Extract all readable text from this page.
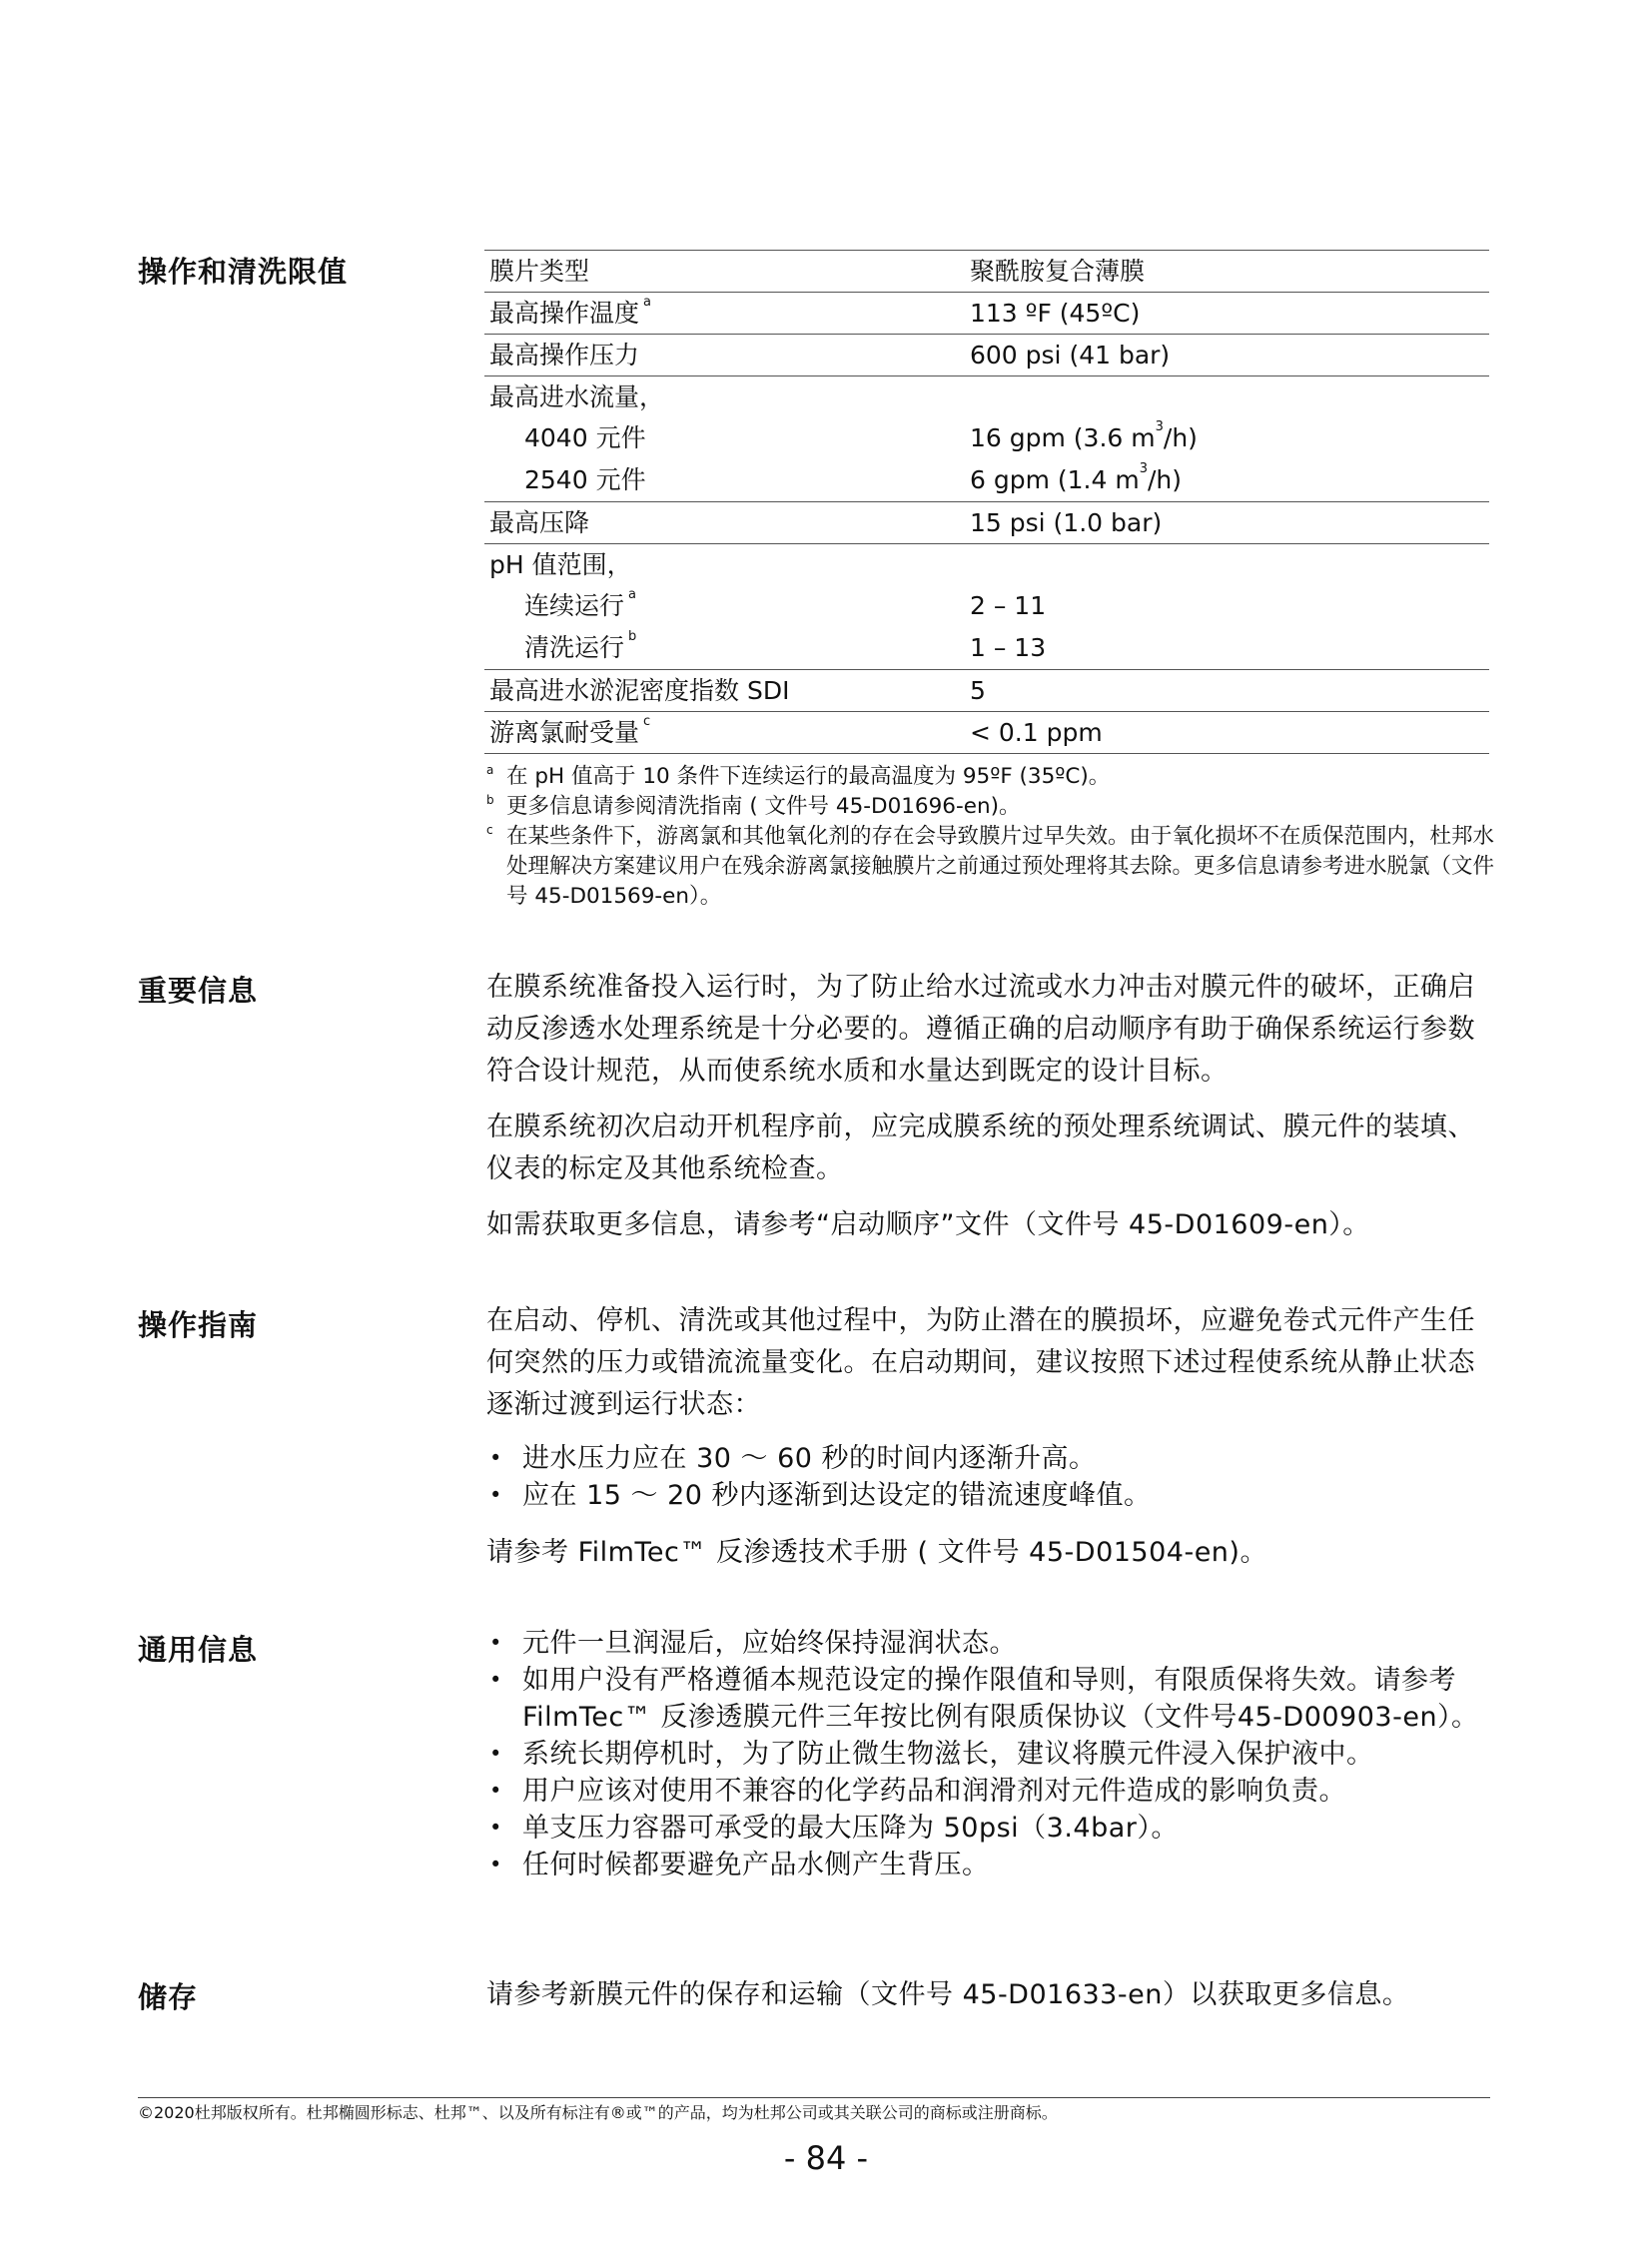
操作和清洗限值	膜片类型	聚酰胺复合薄膜
最高操作温度 $^a$	113 ºF (45ºC)
最高操作压力	600 psi (41 bar)
最高进水流量，	
4040 元件	16 gpm (3.6 $m^3/h$)
2540 元件	6 gpm (1.4 $m^3/h$)
最高压降	15 psi (1.0 bar)
pH 值范围，	
连续运行 $^a$	2 – 11
清洗运行 $^b$	1 – 13
最高进水淤泥密度指数 SDI	5
游离氯耐受量 $^c$	< 0.1 ppm
a 在 pH 值高于 10 条件下连续运行的最高温度为 95ºF (35ºC)。
b 更多信息请参阅清洗指南 ( 文件号 45-D01696-en)。
c 在某些条件下，游离氯和其他氧化剂的存在会导致膜片过早失效。由于氧化损坏不在质保范围内，杜邦水处理解决方案建议用户在残余游离氯接触膜片之前通过预处理将其去除。更多信息请参考进水脱氯（文件号 45-D01569-en）。
重要信息	在膜系统准备投入运行时，为了防止给水过流或水力冲击对膜元件的破坏，正确启动反渗透水处理系统是十分必要的。遵循正确的启动顺序有助于确保系统运行参数符合设计规范，从而使系统水质和水量达到既定的设计目标。

在膜系统初次启动开机程序前，应完成膜系统的预处理系统调试、膜元件的装填、仪表的标定及其他系统检查。

如需获取更多信息，请参考“启动顺序”文件（文件号 45-D01609-en）。

操作指南	在启动、停机、清洗或其他过程中，为防止潜在的膜损坏，应避免卷式元件产生任何突然的压力或错流流量变化。在启动期间，建议按照下述过程使系统从静止状态逐渐过渡到运行状态：

• 进水压力应在 30 ～ 60 秒的时间内逐渐升高。
• 应在 15 ～ 20 秒内逐渐到达设定的错流速度峰值。

请参考 FilmTec™ 反渗透技术手册 ( 文件号 45-D01504-en)。

通用信息	• 元件一旦润湿后，应始终保持湿润状态。
• 如用户没有严格遵循本规范设定的操作限值和导则，有限质保将失效。请参考FilmTec™ 反渗透膜元件三年按比例有限质保协议（文件号45-D00903-en）。
• 系统长期停机时，为了防止微生物滋长，建议将膜元件浸入保护液中。
• 用户应该对使用不兼容的化学药品和润滑剂对元件造成的影响负责。
• 单支压力容器可承受的最大压降为 50psi（3.4bar）。
• 任何时候都要避免产品水侧产生背压。
储存	请参考新膜元件的保存和运输（文件号 45-D01633-en）以获取更多信息。

©2020杜邦版权所有。杜邦椭圆形标志、杜邦™、以及所有标注有®或™的产品，均为杜邦公司或其关联公司的商标或注册商标。
- 84 -
